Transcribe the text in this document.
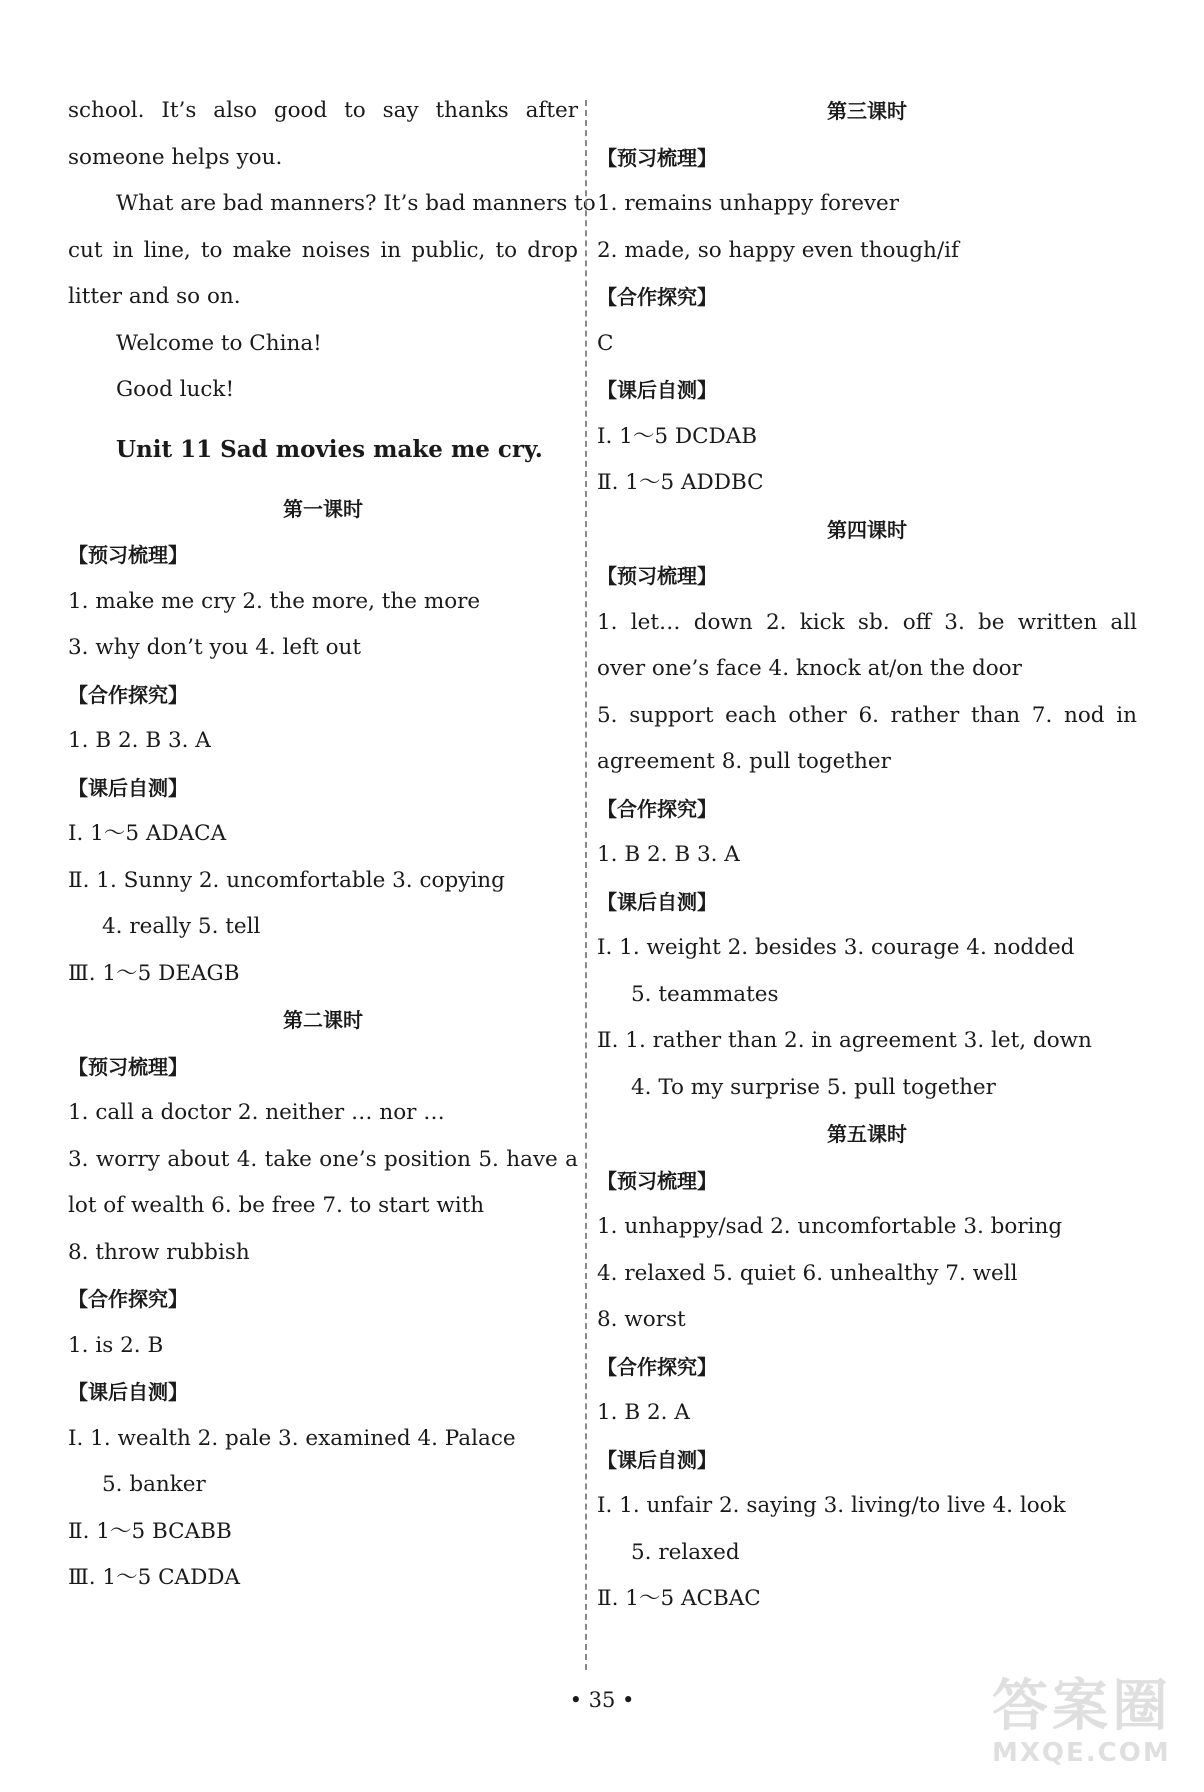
school. It’s also good to say thanks after
someone helps you.
What are bad manners? It’s bad manners to
cut in line, to make noises in public, to drop
litter and so on.
Welcome to China!
Good luck!
Unit 11 Sad movies make me cry.
第一课时
【预习梳理】
1. make me cry 2. the more, the more
3. why don’t you 4. left out
【合作探究】
1. B 2. B 3. A
【课后自测】
Ⅰ. 1～5 ADACA
Ⅱ. 1. Sunny 2. uncomfortable 3. copying
4. really 5. tell
Ⅲ. 1～5 DEAGB
第二课时
【预习梳理】
1. call a doctor 2. neither … nor …
3. worry about 4. take one’s position 5. have a
lot of wealth 6. be free 7. to start with
8. throw rubbish
【合作探究】
1. is 2. B
【课后自测】
Ⅰ. 1. wealth 2. pale 3. examined 4. Palace
5. banker
Ⅱ. 1～5 BCABB
Ⅲ. 1～5 CADDA
第三课时
【预习梳理】
1. remains unhappy forever
2. made, so happy even though/if
【合作探究】
C
【课后自测】
Ⅰ. 1～5 DCDAB
Ⅱ. 1～5 ADDBC
第四课时
【预习梳理】
1. let… down 2. kick sb. off 3. be written all
over one’s face 4. knock at/on the door
5. support each other 6. rather than 7. nod in
agreement 8. pull together
【合作探究】
1. B 2. B 3. A
【课后自测】
Ⅰ. 1. weight 2. besides 3. courage 4. nodded
5. teammates
Ⅱ. 1. rather than 2. in agreement 3. let, down
4. To my surprise 5. pull together
第五课时
【预习梳理】
1. unhappy/sad 2. uncomfortable 3. boring
4. relaxed 5. quiet 6. unhealthy 7. well
8. worst
【合作探究】
1. B 2. A
【课后自测】
Ⅰ. 1. unfair 2. saying 3. living/to live 4. look
5. relaxed
Ⅱ. 1～5 ACBAC
• 35 •	答案圈
MXQE.COM
